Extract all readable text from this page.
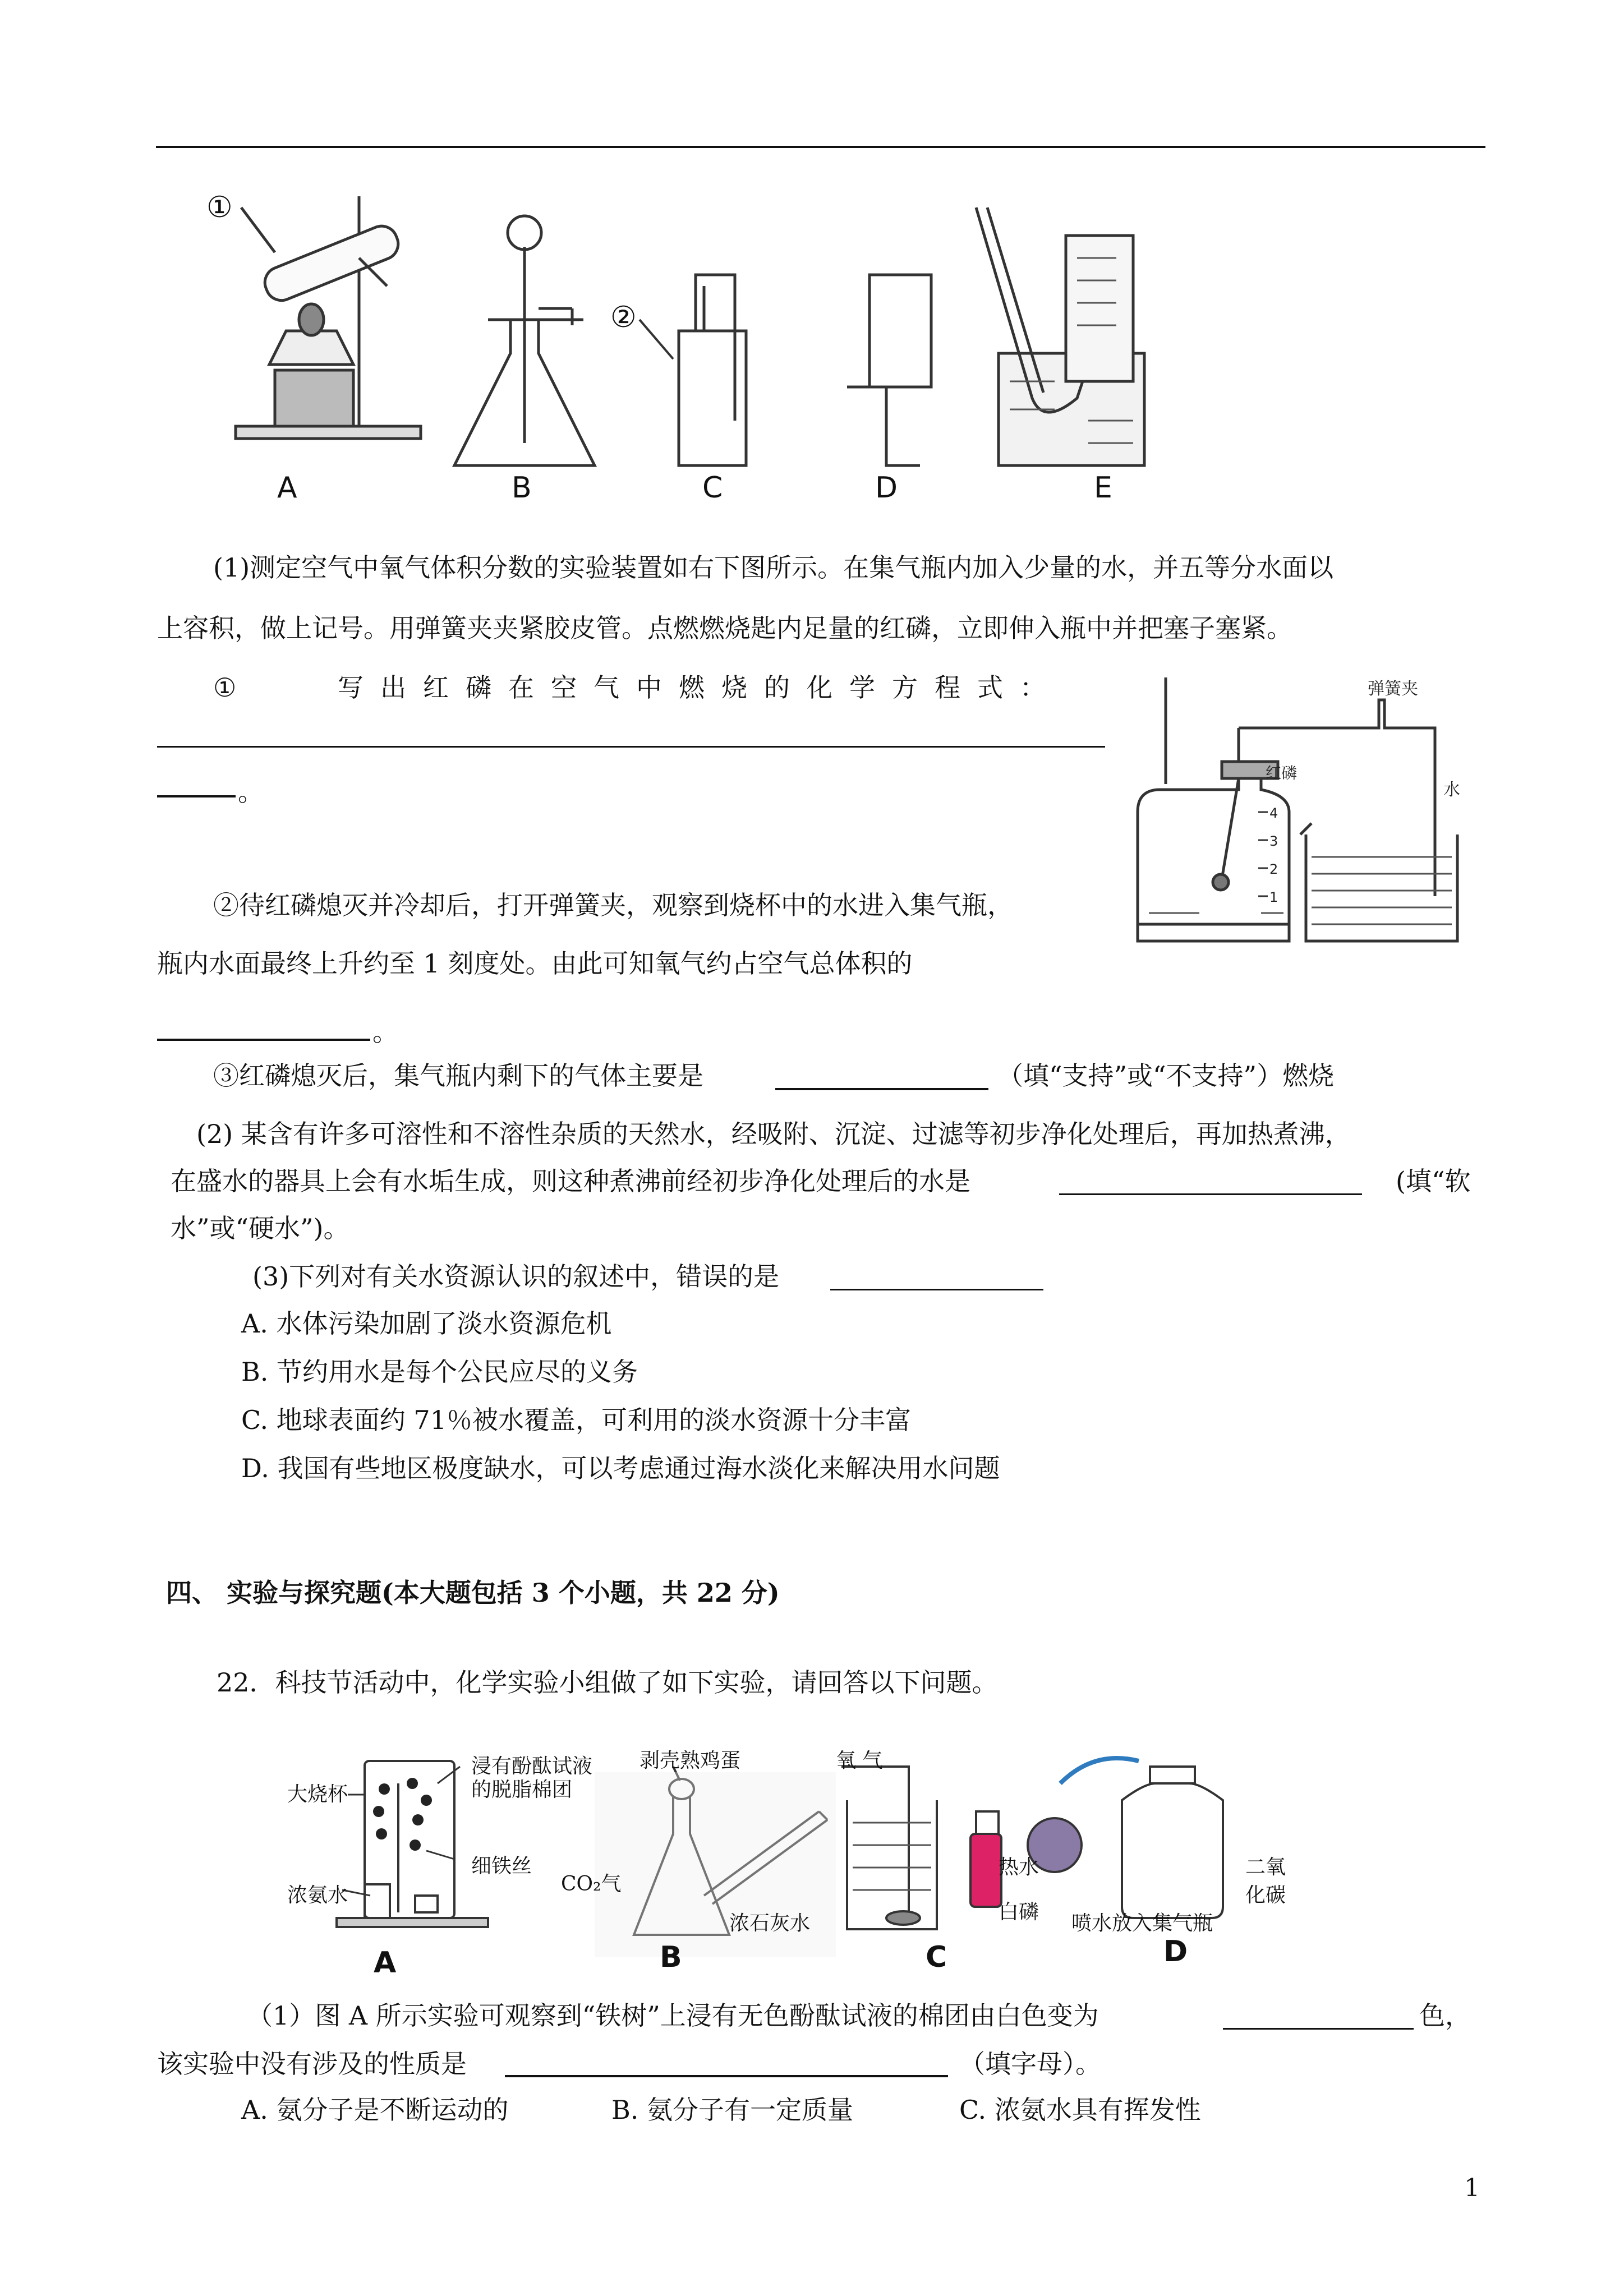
①
②
A	B	C	D	E
(1)测定空气中氧气体积分数的实验装置如右下图所示。在集气瓶内加入少量的水，并五等分水面以
上容积，做上记号。用弹簧夹夹紧胶皮管。点燃燃烧匙内足量的红磷，立即伸入瓶中并把塞子塞紧。
①	写出红磷在空气中燃烧的化学方程式：
。
②待红磷熄灭并冷却后，打开弹簧夹，观察到烧杯中的水进入集气瓶，
瓶内水面最终上升约至 1 刻度处。由此可知氧气约占空气总体积的
。
③红磷熄灭后，集气瓶内剩下的气体主要是	（填“支持”或“不支持”）燃烧
弹簧夹
红磷
水
4
3
2
1
(2) 某含有许多可溶性和不溶性杂质的天然水，经吸附、沉淀、过滤等初步净化处理后，再加热煮沸，
在盛水的器具上会有水垢生成，则这种煮沸前经初步净化处理后的水是	(填“软
水”或“硬水”)。
(3)下列对有关水资源认识的叙述中，错误的是
A. 水体污染加剧了淡水资源危机
B. 节约用水是每个公民应尽的义务
C. 地球表面约 71％被水覆盖，可利用的淡水资源十分丰富
D. 我国有些地区极度缺水，可以考虑通过海水淡化来解决用水问题
四、 实验与探究题(本大题包括 3 个小题，共 22 分)
22．科技节活动中，化学实验小组做了如下实验，请回答以下问题。
大烧杯
浸有酚酞试液
的脱脂棉团
细铁丝
浓氨水
剥壳熟鸡蛋
CO₂气
浓石灰水
氧 气
热水
白磷 喷水放入集气瓶
二氧
化碳
A	B	C	D
（1）图 A 所示实验可观察到“铁树”上浸有无色酚酞试液的棉团由白色变为	色，
该实验中没有涉及的性质是	（填字母）。
A. 氨分子是不断运动的	B. 氨分子有一定质量	C. 浓氨水具有挥发性
1
